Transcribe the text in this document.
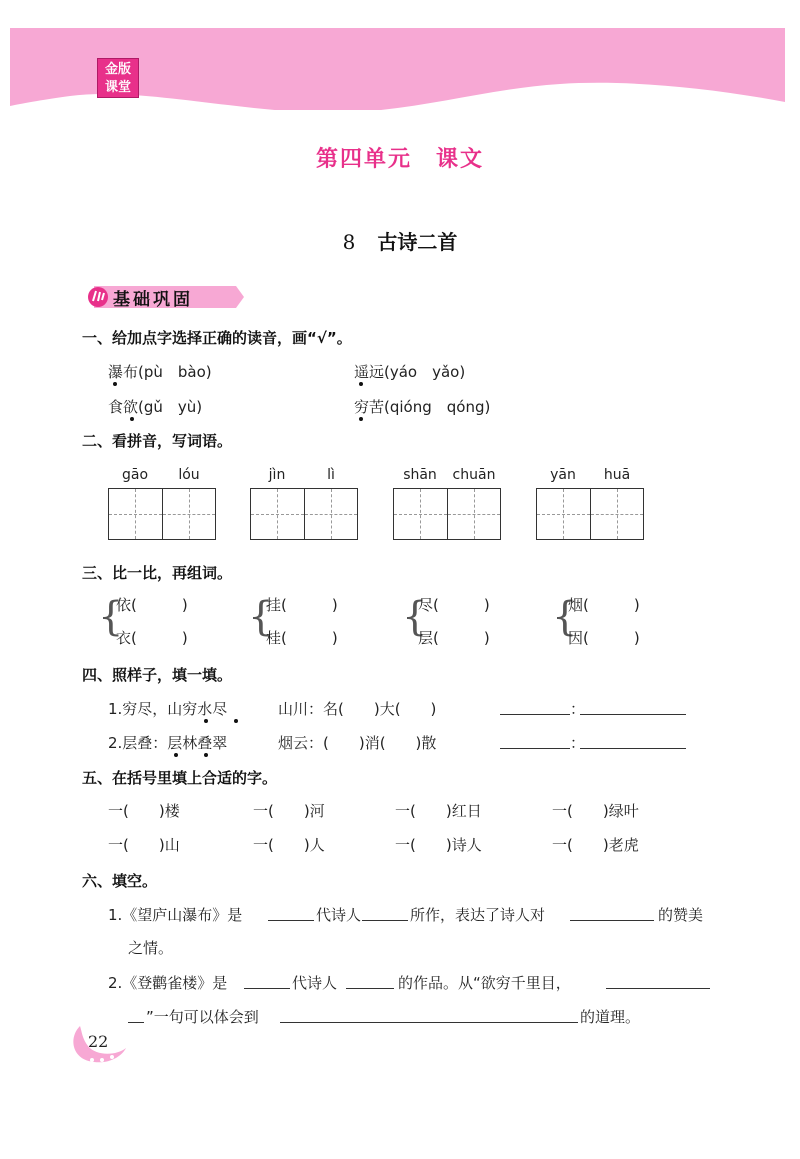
金版
课堂
第四单元　课文
8 古诗二首
基础巩固
一、给加点字选择正确的读音，画“√”。
瀑布(pù　bào)	遥远(yáo　yǎo)
食欲(gǔ　yù)	穷苦(qióng　qóng)
二、看拼音，写词语。
gāo	lóu	jìn	lì	shān	chuān	yān	huā
三、比一比，再组词。
{
依(　　　)
衣(　　　) {
挂(　　　)
桂(　　　) {
尽(　　　)
层(　　　) {
烟(　　　)
因(　　　)
四、照样子，填一填。
1.穷尽，山穷水尽	山川：名(　　)大(　　)	：
2.层叠：层林叠翠	烟云：(　　)消(　　)散	：
五、在括号里填上合适的字。
一(　　)楼	一(　　)河	一(　　)红日	一(　　)绿叶
一(　　)山	一(　　)人	一(　　)诗人	一(　　)老虎
六、填空。
1.《望庐山瀑布》是	代诗人	所作，表达了诗人对	的赞美
之情。
2.《登鹳雀楼》是	代诗人	的作品。从“欲穷千里目，
”一句可以体会到	的道理。
22
